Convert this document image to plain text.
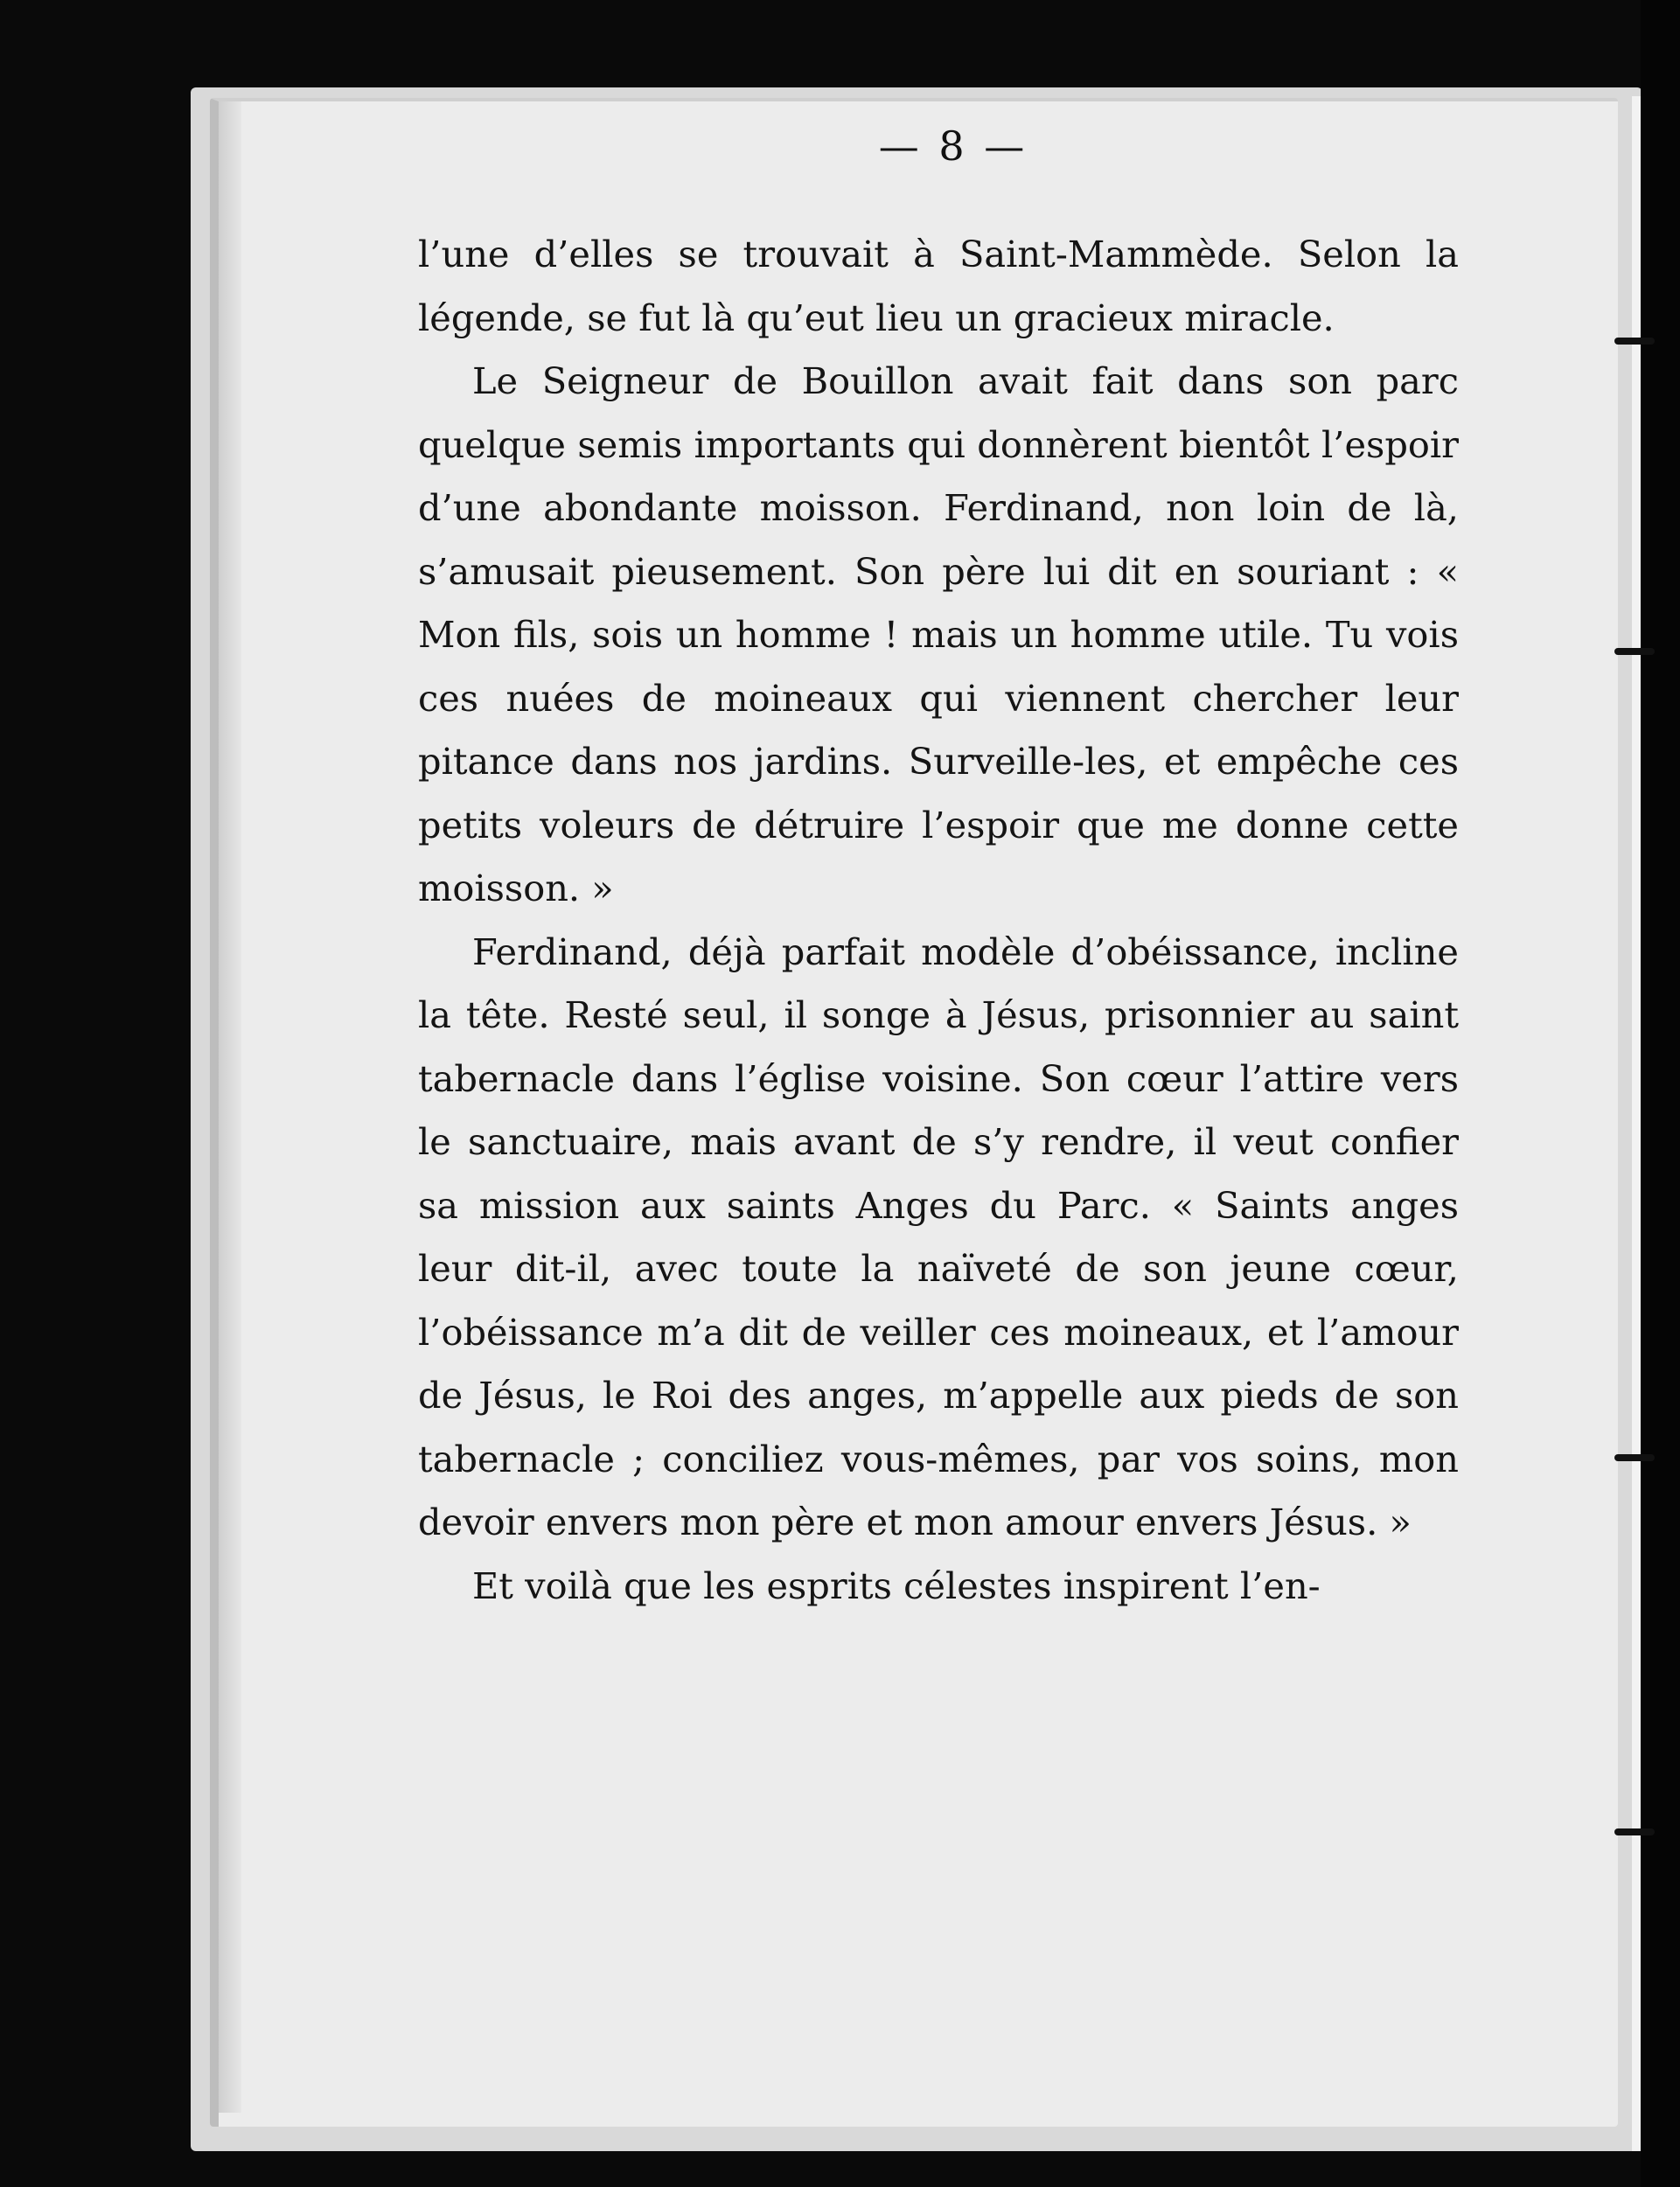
— 8 —

l’une d’elles se trouvait à Saint-Mammède. Selon la légende, se fut là qu’eut lieu un gracieux miracle.

Le Seigneur de Bouillon avait fait dans son parc quelque semis importants qui donnèrent bientôt l’espoir d’une abondante moisson. Ferdinand, non loin de là, s’amusait pieusement. Son père lui dit en souriant : « Mon fils, sois un homme ! mais un homme utile. Tu vois ces nuées de moineaux qui viennent chercher leur pitance dans nos jardins. Surveille-les, et empêche ces petits voleurs de détruire l’espoir que me donne cette moisson. »

Ferdinand, déjà parfait modèle d’obéissance, incline la tête. Resté seul, il songe à Jésus, prisonnier au saint tabernacle dans l’église voisine. Son cœur l’attire vers le sanctuaire, mais avant de s’y rendre, il veut confier sa mission aux saints Anges du Parc. « Saints anges leur dit-il, avec toute la naïveté de son jeune cœur, l’obéissance m’a dit de veiller ces moineaux, et l’amour de Jésus, le Roi des anges, m’appelle aux pieds de son tabernacle ; conciliez vous-mêmes, par vos soins, mon devoir envers mon père et mon amour envers Jésus. »

Et voilà que les esprits célestes inspirent l’en-
